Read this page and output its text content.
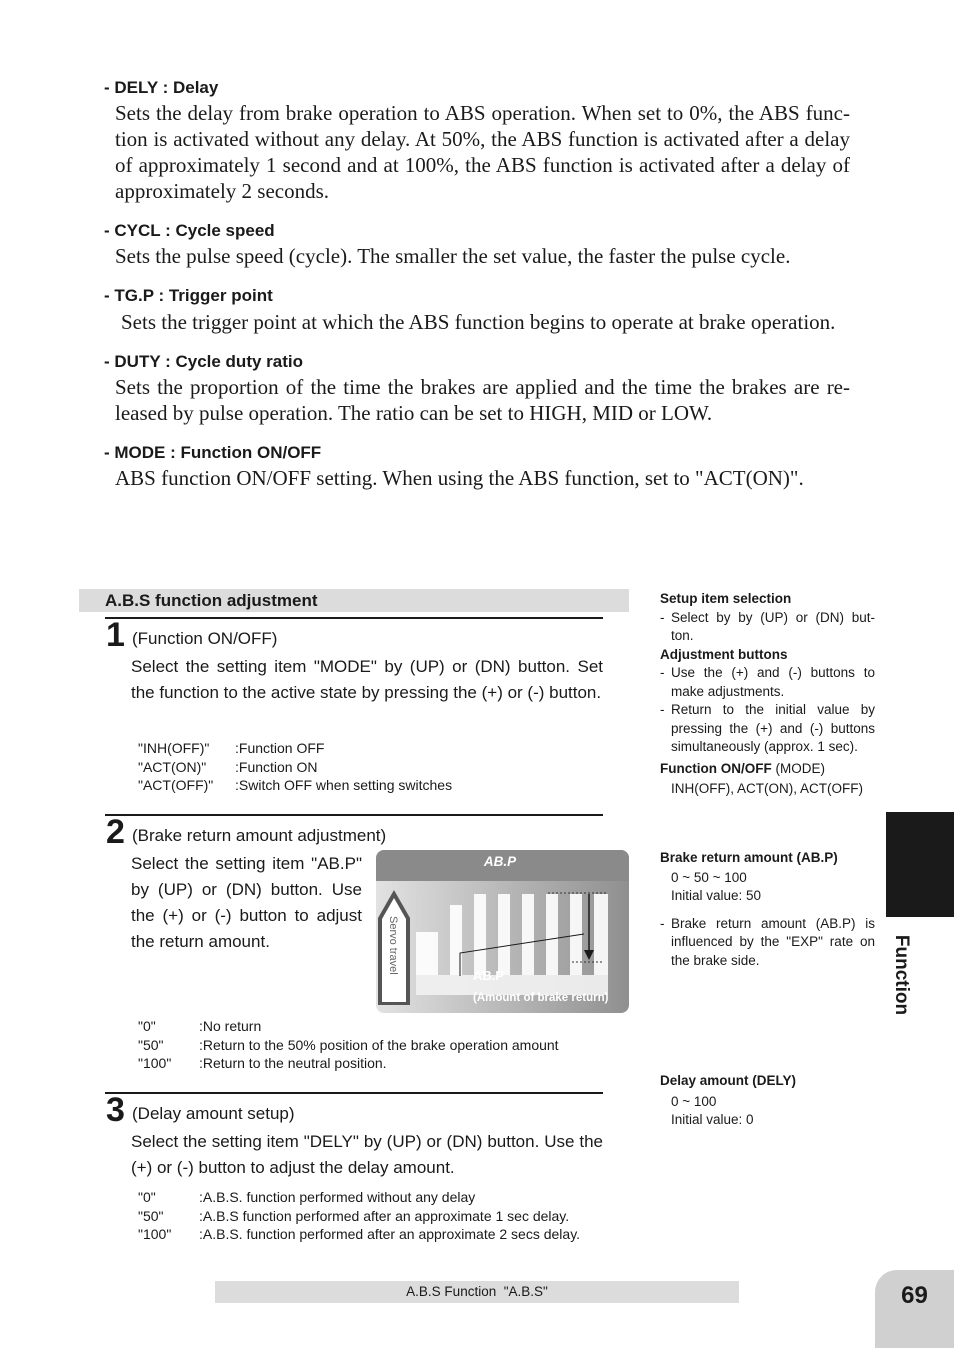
- DELY : Delay
Sets the delay from brake operation to ABS operation. When set to 0%, the ABS func- tion is activated without any delay. At 50%, the ABS function is activated after a delay of approximately 1 second and at 100%, the ABS function is activated after a delay of approximately 2 seconds.
- CYCL : Cycle speed
Sets the pulse speed (cycle). The smaller the set value, the faster the pulse cycle.
- TG.P : Trigger point
Sets the trigger point at which the ABS function begins to operate at brake operation.
- DUTY : Cycle duty ratio
Sets the proportion of the time the brakes are applied and the time the brakes are re- leased by pulse operation. The ratio can be set to HIGH, MID or LOW.
- MODE : Function ON/OFF
ABS function ON/OFF setting. When using the ABS function, set to "ACT(ON)".
A.B.S function adjustment
1 (Function ON/OFF)
Select the setting item "MODE" by (UP) or (DN) button. Set the function to the active state by pressing the (+) or (-) button.
"INH(OFF)" :Function OFF
"ACT(ON)" :Function ON
"ACT(OFF)" :Switch OFF when setting switches
2 (Brake return amount adjustment)
Select the setting item "AB.P" by (UP) or (DN) button. Use the (+) or (-) button to adjust the return amount.
AB.P
Servo travel
AB.P
(Amount of brake return)
"0"	:No return
"50"	:Return to the 50% position of the brake operation amount
"100" :Return to the neutral position.
3 (Delay amount setup)
Select the setting item "DELY" by (UP) or (DN) button. Use the (+) or (-) button to adjust the delay amount.
"0"	:A.B.S. function performed without any delay
"50"	:A.B.S function performed after an approximate 1 sec delay.
"100" :A.B.S. function performed after an approximate 2 secs delay.
Setup item selection
- Select by by (UP) or (DN) but- ton.
Adjustment buttons
- Use the (+) and (-) buttons to make adjustments.
- Return to the initial value by pressing the (+) and (-) buttons simultaneously (approx. 1 sec).
Function ON/OFF (MODE)
INH(OFF), ACT(ON), ACT(OFF)
Brake return amount (AB.P)
0 ~ 50 ~ 100
Initial value: 50
- Brake return amount (AB.P) is influenced by the "EXP" rate on the brake side.
Delay amount (DELY)
0 ~ 100
Initial value: 0
Function
A.B.S Function  "A.B.S"	69
